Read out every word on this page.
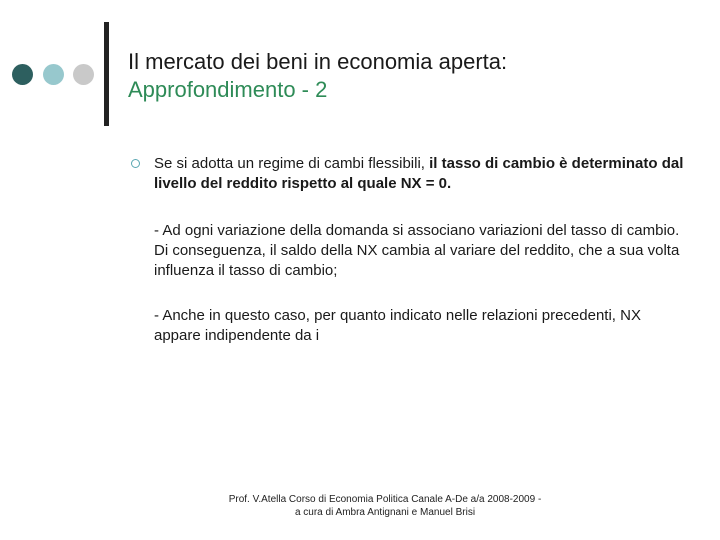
Il mercato dei beni in economia aperta:
Approfondimento - 2
Se si adotta un regime di cambi flessibili, il tasso di cambio è determinato dal livello del reddito rispetto al quale NX = 0.
- Ad ogni variazione della domanda si associano variazioni del tasso di cambio. Di conseguenza, il saldo della NX cambia al variare del reddito, che a sua volta influenza il tasso di cambio;
- Anche in questo caso, per quanto indicato nelle relazioni precedenti, NX appare indipendente da i
Prof. V.Atella Corso di Economia Politica Canale A-De a/a 2008-2009 -
a cura di Ambra Antignani e Manuel Brisi
